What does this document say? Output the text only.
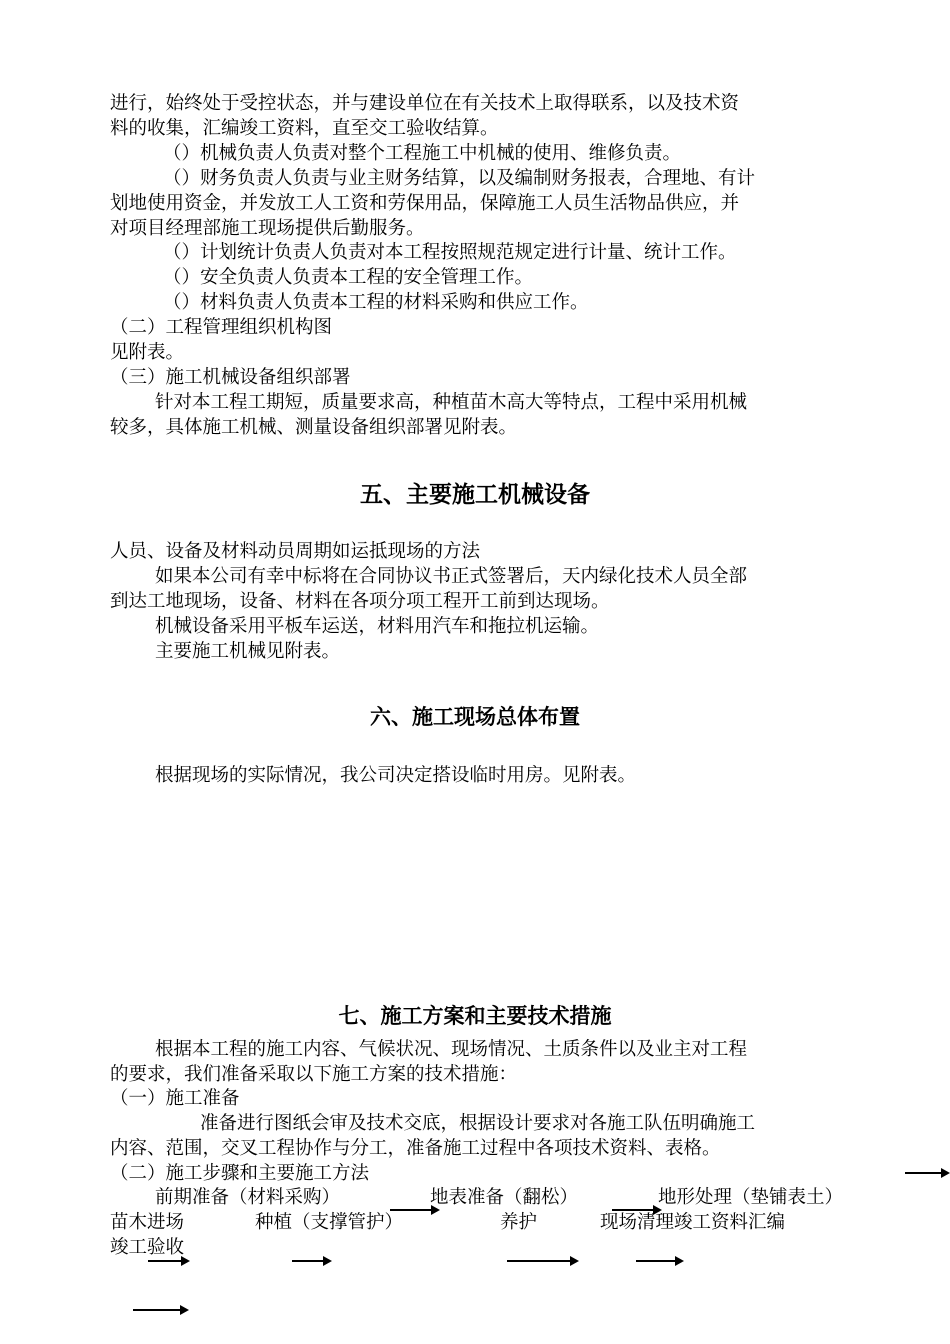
进行，始终处于受控状态，并与建设单位在有关技术上取得联系，以及技术资
料的收集，汇编竣工资料，直至交工验收结算。
（）机械负责人负责对整个工程施工中机械的使用、维修负责。
（）财务负责人负责与业主财务结算，以及编制财务报表，合理地、有计
划地使用资金，并发放工人工资和劳保用品，保障施工人员生活物品供应，并
对项目经理部施工现场提供后勤服务。
（）计划统计负责人负责对本工程按照规范规定进行计量、统计工作。
（）安全负责人负责本工程的安全管理工作。
（）材料负责人负责本工程的材料采购和供应工作。
（二）工程管理组织机构图
见附表。
（三）施工机械设备组织部署
针对本工程工期短，质量要求高，种植苗木高大等特点，工程中采用机械
较多，具体施工机械、测量设备组织部署见附表。
五、主要施工机械设备
人员、设备及材料动员周期如运抵现场的方法
如果本公司有幸中标将在合同协议书正式签署后，天内绿化技术人员全部
到达工地现场，设备、材料在各项分项工程开工前到达现场。
机械设备采用平板车运送，材料用汽车和拖拉机运输。
主要施工机械见附表。
六、施工现场总体布置
根据现场的实际情况，我公司决定搭设临时用房。见附表。
七、施工方案和主要技术措施
根据本工程的施工内容、气候状况、现场情况、土质条件以及业主对工程
的要求，我们准备采取以下施工方案的技术措施：
（一）施工准备
准备进行图纸会审及技术交底，根据设计要求对各施工队伍明确施工
内容、范围，交叉工程协作与分工，准备施工过程中各项技术资料、表格。
（二）施工步骤和主要施工方法
前期准备（材料采购）	地表准备（翻松）	地形处理（垫铺表土）
苗木进场	种植（支撑管护）	养护	现场清理竣工资料汇编
竣工验收
